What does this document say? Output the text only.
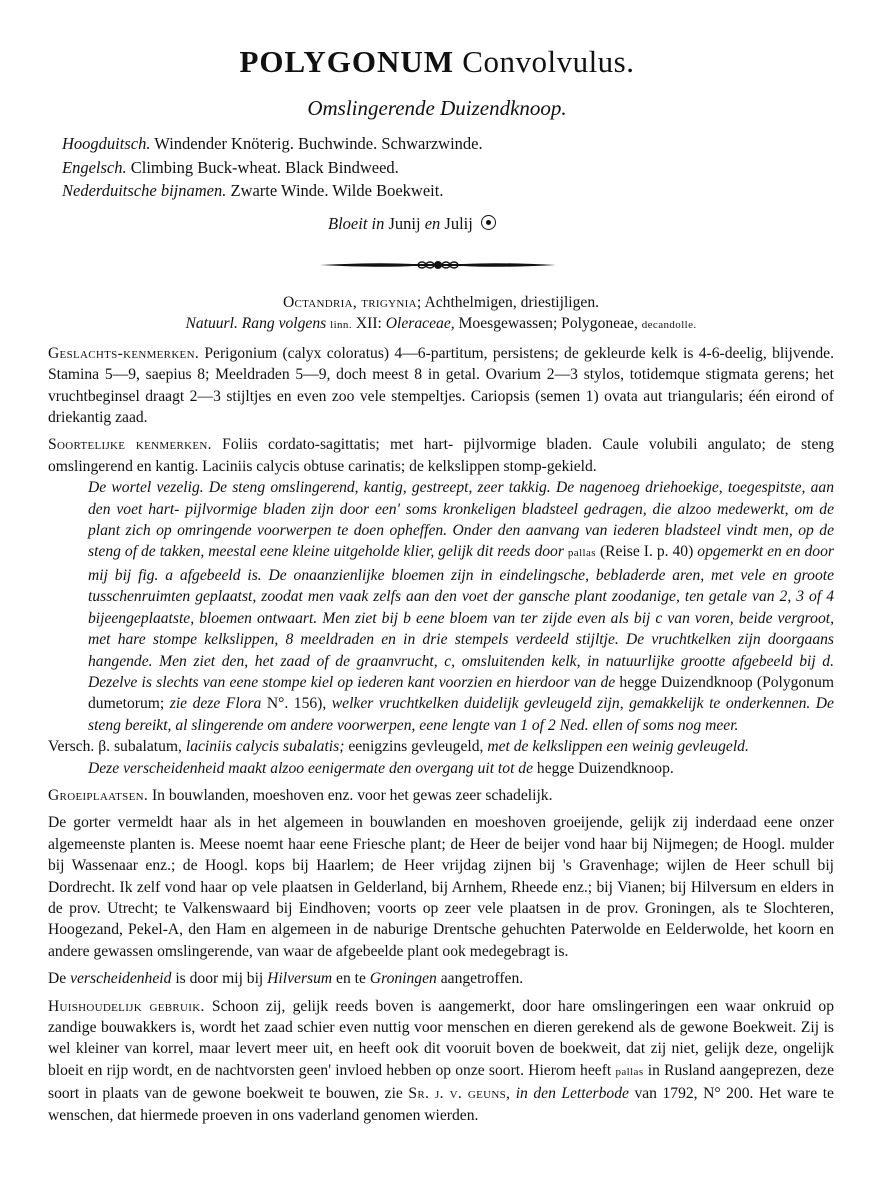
POLYGONUM Convolvulus.
Omslingerende Duizendknoop.
Hoogduitsch. Windender Knöterig. Buchwinde. Schwarzwinde.
Engelsch. Climbing Buck-wheat. Black Bindweed.
Nederduitsche bijnamen. Zwarte Winde. Wilde Boekweit.
Bloeit in Junij en Julij

Octandria, trigynia; Achthelmigen, driestijligen.

Natuurl. Rang volgens linn. XII: Oleraceae, Moesgewassen; Polygoneae, decandolle.

Geslachts-kenmerken. Perigonium (calyx coloratus) 4—6-partitum, persistens; de gekleurde kelk is 4-6-deelig, blijvende. Stamina 5—9, saepius 8; Meeldraden 5—9, doch meest 8 in getal. Ovarium 2—3 stylos, totidemque stigmata gerens; het vruchtbeginsel draagt 2—3 stijltjes en even zoo vele stempeltjes. Cariopsis (semen 1) ovata aut triangularis; één eirond of driekantig zaad.

Soortelijke kenmerken. Foliis cordato-sagittatis; met hart- pijlvormige bladen. Caule volubili angulato; de steng omslingerend en kantig. Laciniis calycis obtuse carinatis; de kelkslippen stomp-gekield.

De wortel vezelig. De steng omslingerend, kantig, gestreept, zeer takkig. De nagenoeg driehoekige, toegespitste, aan den voet hart- pijlvormige bladen zijn door een' soms kronkeligen bladsteel gedragen, die alzoo medewerkt, om de plant zich op omringende voorwerpen te doen opheffen. Onder den aanvang van iederen bladsteel vindt men, op de steng of de takken, meestal eene kleine uitgeholde klier, gelijk dit reeds door pallas (Reise I. p. 40) opgemerkt en en door mij bij fig. a afgebeeld is. De onaanzienlijke bloemen zijn in eindelingsche, bebladerde aren, met vele en groote tusschenruimten geplaatst, zoodat men vaak zelfs aan den voet der gansche plant zoodanige, ten getale van 2, 3 of 4 bijeengeplaatste, bloemen ontwaart. Men ziet bij b eene bloem van ter zijde even als bij c van voren, beide vergroot, met hare stompe kelkslippen, 8 meeldraden en in drie stempels verdeeld stijltje. De vruchtkelken zijn doorgaans hangende. Men ziet den, het zaad of de graanvrucht, c, omsluitenden kelk, in natuurlijke grootte afgebeeld bij d. Dezelve is slechts van eene stompe kiel op iederen kant voorzien en hierdoor van de hegge Duizendknoop (Polygonum dumetorum; zie deze Flora N°. 156), welker vruchtkelken duidelijk gevleugeld zijn, gemakkelijk te onderkennen. De steng bereikt, al slingerende om andere voorwerpen, eene lengte van 1 of 2 Ned. ellen of soms nog meer.

Versch. β. subalatum, laciniis calycis subalatis; eenigzins gevleugeld, met de kelkslippen een weinig gevleugeld.

Deze verscheidenheid maakt alzoo eenigermate den overgang uit tot de hegge Duizendknoop.

Groeiplaatsen. In bouwlanden, moeshoven enz. voor het gewas zeer schadelijk.

De gorter vermeldt haar als in het algemeen in bouwlanden en moeshoven groeijende, gelijk zij inderdaad eene onzer algemeenste planten is. Meese noemt haar eene Friesche plant; de Heer de beijer vond haar bij Nijmegen; de Hoogl. mulder bij Wassenaar enz.; de Hoogl. kops bij Haarlem; de Heer vrijdag zijnen bij 's Gravenhage; wijlen de Heer schull bij Dordrecht. Ik zelf vond haar op vele plaatsen in Gelderland, bij Arnhem, Rheede enz.; bij Vianen; bij Hilversum en elders in de prov. Utrecht; te Valkenswaard bij Eindhoven; voorts op zeer vele plaatsen in de prov. Groningen, als te Slochteren, Hoogezand, Pekel-A, den Ham en algemeen in de naburige Drentsche gehuchten Paterwolde en Eelderwolde, het koorn en andere gewassen omslingerende, van waar de afgebeelde plant ook medegebragt is.

De verscheidenheid is door mij bij Hilversum en te Groningen aangetroffen.

Huishoudelijk gebruik. Schoon zij, gelijk reeds boven is aangemerkt, door hare omslingeringen een waar onkruid op zandige bouwakkers is, wordt het zaad schier even nuttig voor menschen en dieren gerekend als de gewone Boekweit. Zij is wel kleiner van korrel, maar levert meer uit, en heeft ook dit vooruit boven de boekweit, dat zij niet, gelijk deze, ongelijk bloeit en rijp wordt, en de nachtvorsten geen' invloed hebben op onze soort. Hierom heeft pallas in Rusland aangeprezen, deze soort in plaats van de gewone boekweit te bouwen, zie Sr. j. v. geuns, in den Letterbode van 1792, N° 200. Het ware te wenschen, dat hiermede proeven in ons vaderland genomen wierden.
